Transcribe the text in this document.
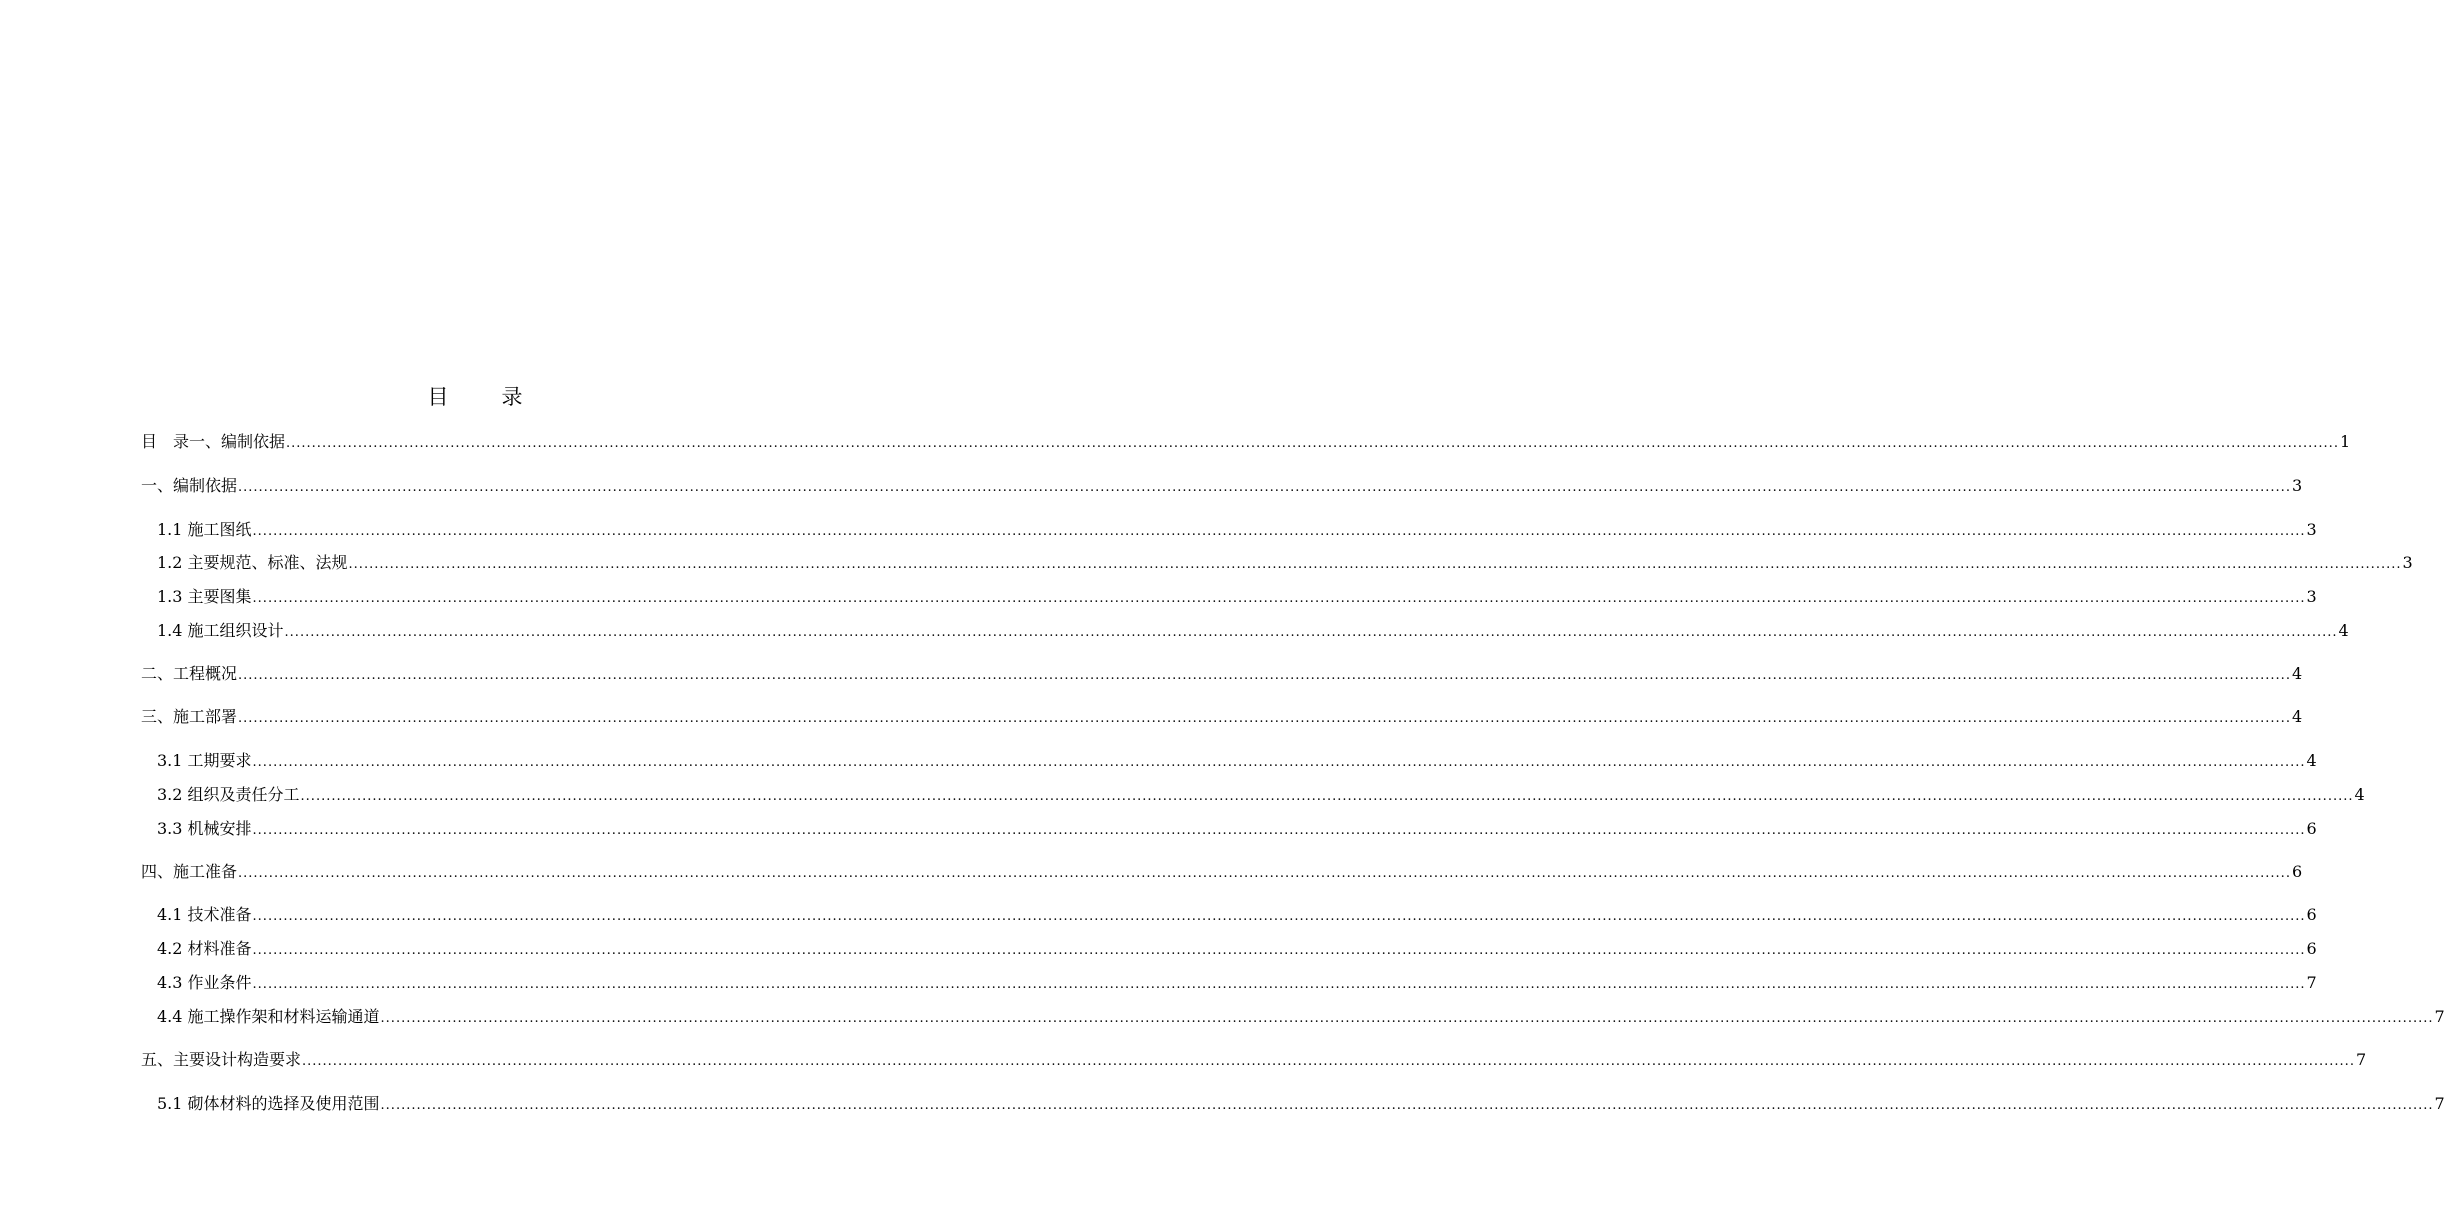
目　录
目　录一、编制依据 ................................................................................................................................................................................................................................................................................................................................................................................................................ 1
一、编制依据 ................................................................................................................................................................................................................................................................................................................................................................................................................ 3
1.1 施工图纸 ................................................................................................................................................................................................................................................................................................................................................................................................................ 3
1.2 主要规范、标准、法规 ................................................................................................................................................................................................................................................................................................................................................................................................................ 3
1.3 主要图集 ................................................................................................................................................................................................................................................................................................................................................................................................................ 3
1.4 施工组织设计 ................................................................................................................................................................................................................................................................................................................................................................................................................ 4
二、工程概况 ................................................................................................................................................................................................................................................................................................................................................................................................................ 4
三、施工部署 ................................................................................................................................................................................................................................................................................................................................................................................................................ 4
3.1 工期要求 ................................................................................................................................................................................................................................................................................................................................................................................................................ 4
3.2 组织及责任分工 ................................................................................................................................................................................................................................................................................................................................................................................................................ 4
3.3 机械安排 ................................................................................................................................................................................................................................................................................................................................................................................................................ 6
四、施工准备 ................................................................................................................................................................................................................................................................................................................................................................................................................ 6
4.1 技术准备 ................................................................................................................................................................................................................................................................................................................................................................................................................ 6
4.2 材料准备 ................................................................................................................................................................................................................................................................................................................................................................................................................ 6
4.3 作业条件 ................................................................................................................................................................................................................................................................................................................................................................................................................ 7
4.4 施工操作架和材料运输通道 ................................................................................................................................................................................................................................................................................................................................................................................................................ 7
五、主要设计构造要求 ................................................................................................................................................................................................................................................................................................................................................................................................................ 7
5.1 砌体材料的选择及使用范围 ................................................................................................................................................................................................................................................................................................................................................................................................................ 7
